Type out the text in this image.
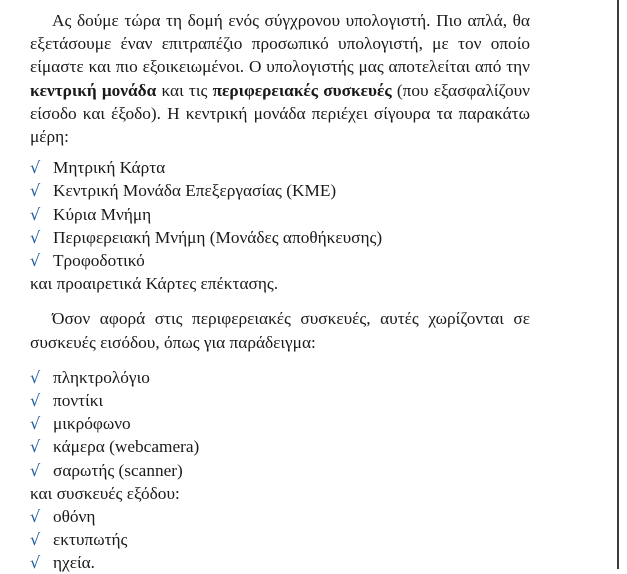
Ας δούμε τώρα τη δομή ενός σύγχρονου υπολογιστή. Πιο απλά, θα εξετάσουμε έναν επιτραπέζιο προσωπικό υπολογιστή, με τον οποίο είμαστε και πιο εξοικειωμένοι. Ο υπολογιστής μας αποτελείται από την κεντρική μονάδα και τις περιφερειακές συσκευές (που εξασφαλίζουν είσοδο και έξοδο). Η κεντρική μονάδα περιέχει σίγουρα τα παρακάτω μέρη:

√ Μητρική Κάρτα
√ Κεντρική Μονάδα Επεξεργασίας (ΚΜΕ)
√ Κύρια Μνήμη
√ Περιφερειακή Μνήμη (Μονάδες αποθήκευσης)
√ Τροφοδοτικό

και προαιρετικά Κάρτες επέκτασης.

Όσον αφορά στις περιφερειακές συσκευές, αυτές χωρίζονται σε συσκευές εισόδου, όπως για παράδειγμα:

√ πληκτρολόγιο
√ ποντίκι
√ μικρόφωνο
√ κάμερα (webcamera)
√ σαρωτής (scanner)

και συσκευές εξόδου:

√ οθόνη
√ εκτυπωτής
√ ηχεία.
